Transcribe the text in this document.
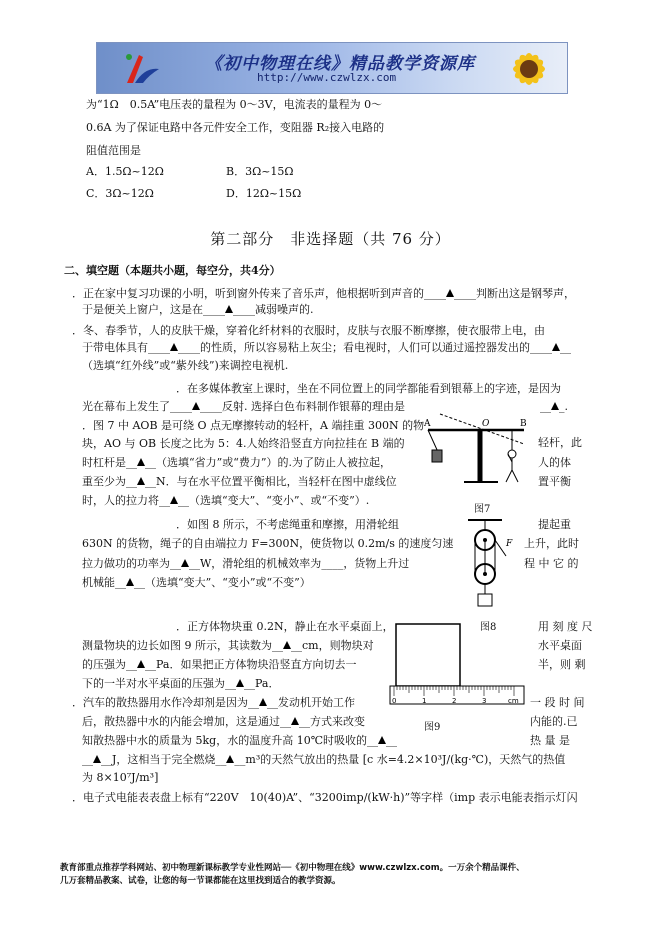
《初中物理在线》精品教学资源库
http://www.czwlzx.com
为“1Ω　0.5A”电压表的量程为 0～3V，电流表的量程为 0～
0.6A 为了保证电路中各元件安全工作，变阻器 R₂接入电路的
阻值范围是
A．1.5Ω~12Ω	B．3Ω~15Ω
C．3Ω~12Ω	D．12Ω~15Ω
第二部分　非选择题（共 76 分）
二、填空题（本题共小题，每空分，共4分）
．正在家中复习功课的小明，听到窗外传来了音乐声，他根据听到声音的____ ____判断出这是钢琴声，
于是便关上窗户，这是在____ ____减弱噪声的.
．冬、春季节，人的皮肤干燥，穿着化纤材料的衣服时，皮肤与衣服不断摩擦，使衣服带上电，由
于带电体具有____ ____的性质，所以容易粘上灰尘；看电视时，人们可以通过遥控器发出的____ __
（选填“红外线”或“紫外线”)来调控电视机.
．在多媒体教室上课时，坐在不同位置上的同学都能看到银幕上的字迹，是因为
光在幕布上发生了____ ____反射. 选择白色布料制作银幕的理由是	__ _.
．图 7 中 AOB 是可绕 O 点无摩擦转动的轻杆，A 端挂重 300N 的物
轻杆，此
块，AO 与 OB 长度之比为 5：4.人始终沿竖直方向拉挂在 B 端的
时杠杆是__ __（选填“省力”或“费力”）的.为了防止人被拉起，	人的体
重至少为__ __N．与在水平位置平衡相比，当轻杆在图中虚线位	置平衡
时，人的拉力将__ __（选填“变大”、“变小”、或“不变”）.
A	O	B
图7
．如图 8 所示，不考虑绳重和摩擦，用滑轮组	提起重
630N 的货物，绳子的自由端拉力 F=300N，使货物以 0.2m/s 的速度匀速	上升，此时
拉力做功的功率为__ __W，滑轮组的机械效率为____，货物上升过	程 中 它 的
机械能__ __（选填“变大”、“变小”或“不变”）
F
图8
．正方体物块重 0.2N，静止在水平桌面上，	用 刻 度 尺
测量物块的边长如图 9 所示，其读数为__ __cm，则物块对	水平桌面
的压强为__ __Pa．如果把正方体物块沿竖直方向切去一	半，则 剩
下的一半对水平桌面的压强为__ __Pa．
0	1	2	3	cm
图9
．汽车的散热器用水作冷却剂是因为__ __发动机开始工作	一 段 时 间
后，散热器中水的内能会增加，这是通过__ __方式来改变	内能的.已
知散热器中水的质量为 5kg，水的温度升高 10℃时吸收的__ __	热 量 是
__ __J，这相当于完全燃烧__ __m³的天然气放出的热量 [c 水=4.2×10³J/(kg·℃)，天然气的热值
为 8×10⁷J/m³]
．电子式电能表表盘上标有“220V　10(40)A”、“3200imp/(kW·h)”等字样（imp 表示电能表指示灯闪
教育部重点推荐学科网站、初中物理新课标教学专业性网站──《初中物理在线》www.czwlzx.com。一万余个精品课件、
几万套精品教案、试卷，让您的每一节课都能在这里找到适合的教学资源。
